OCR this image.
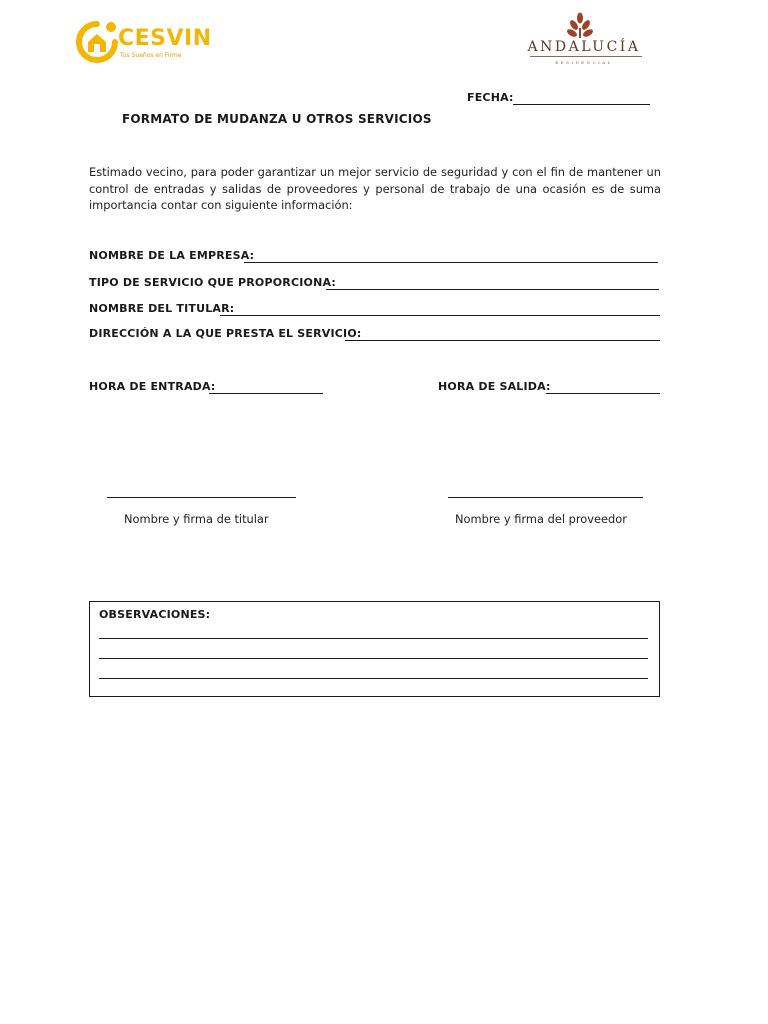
CESVIN
Tus Sueños en Firme
ANDALUCÍA
RESIDENCIAL
FECHA:
FORMATO DE MUDANZA U OTROS SERVICIOS
Estimado vecino, para poder garantizar un mejor servicio de seguridad y con el fin de mantener un control de entradas y salidas de proveedores y personal de trabajo de una ocasión es de suma importancia contar con siguiente información:
NOMBRE DE LA EMPRESA:
TIPO DE SERVICIO QUE PROPORCIONA:
NOMBRE DEL TITULAR:
DIRECCIÓN A LA QUE PRESTA EL SERVICIO:
HORA DE ENTRADA:	HORA DE SALIDA:
Nombre y firma de titular	Nombre y firma del proveedor
OBSERVACIONES:
